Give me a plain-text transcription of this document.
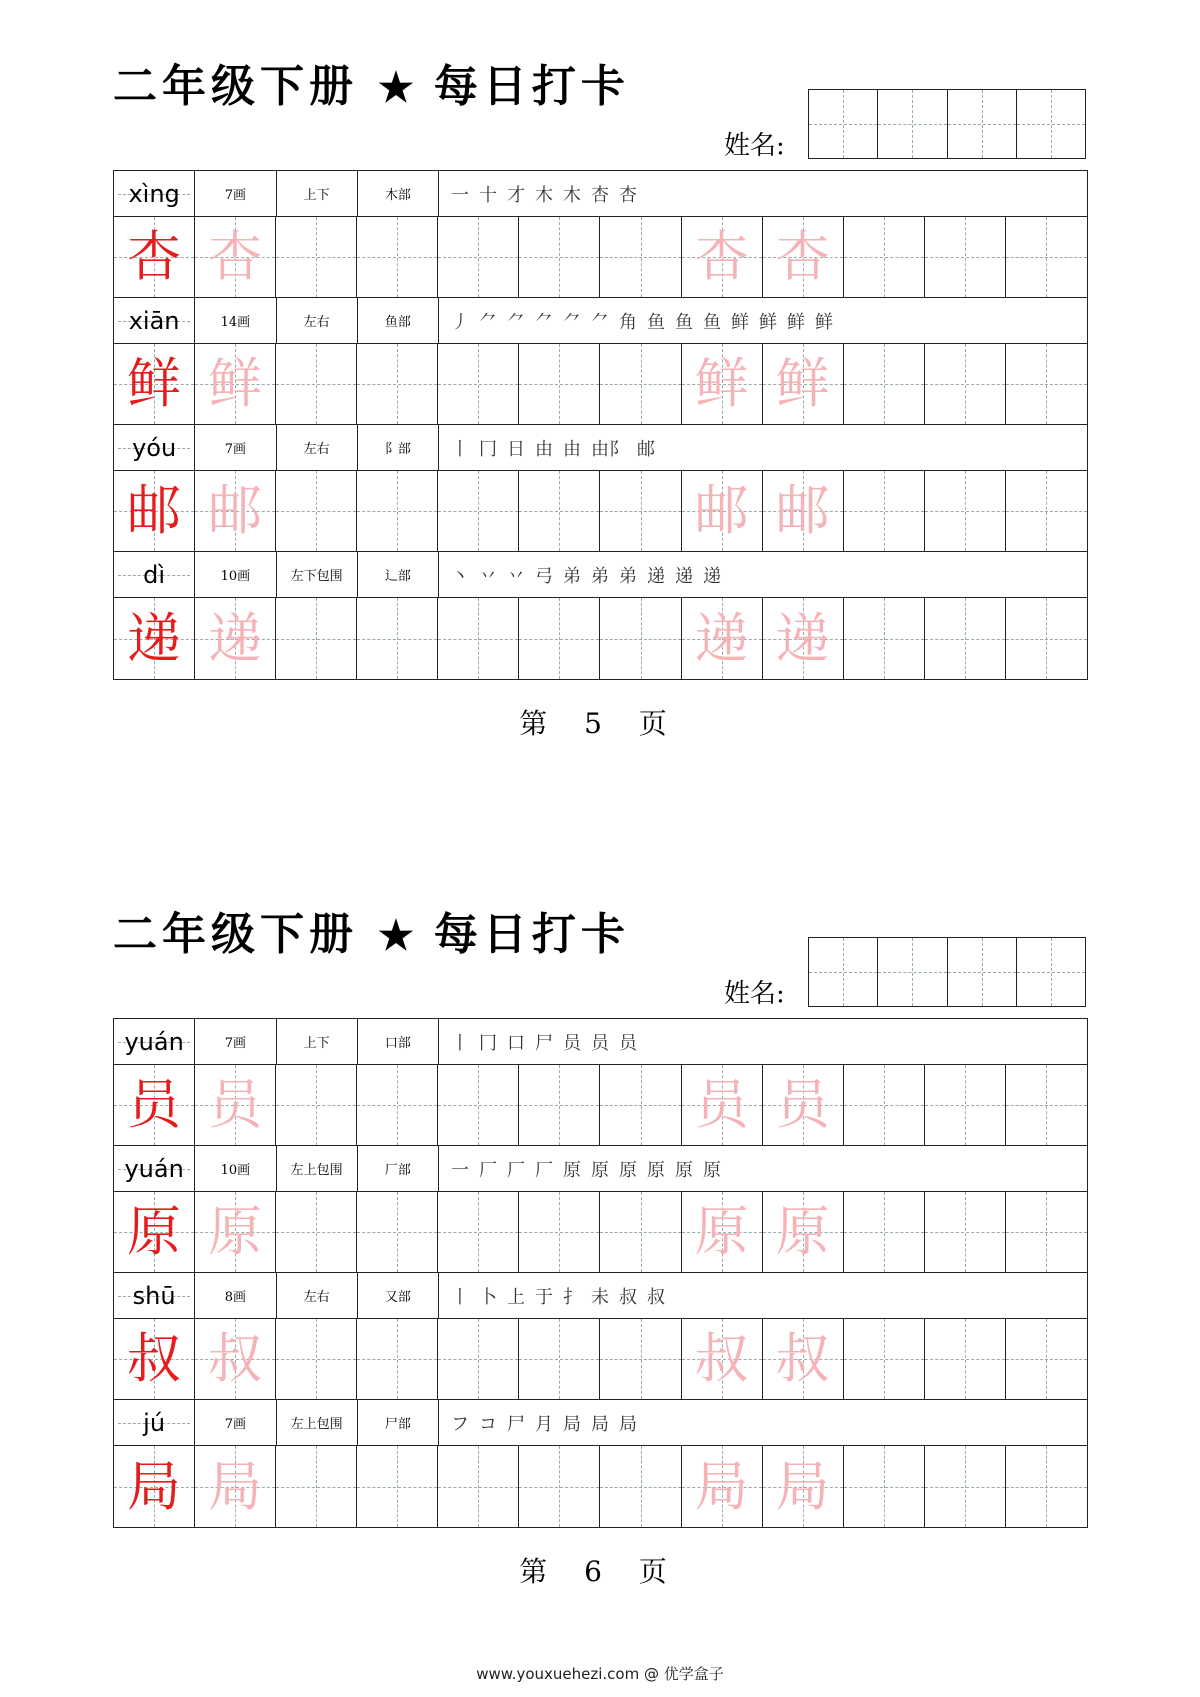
二年级下册 ★ 每日打卡
姓名:
xìng	7画	上下	木部	一 十 才 木 木 杏 杏
杏 杏	杏 杏
xiān	14画	左右	鱼部	丿 ⺈ ⺈ ⺈ ⺈ ⺈ 角 鱼 鱼 鱼 鲜 鲜 鲜 鲜
鲜 鲜	鲜 鲜
yóu	7画	左右	阝部	丨 冂 日 由 由 由阝 邮
邮 邮	邮 邮
dì	10画	左下包围	辶部	丶 丷 丷 弓 弟 弟 弟 递 递 递
递 递	递 递
第 5 页
二年级下册 ★ 每日打卡
姓名:
yuán	7画	上下	口部	丨 冂 口 尸 员 员 员
员 员	员 员
yuán	10画	左上包围	厂部	一 厂 厂 厂 原 原 原 原 原 原
原 原	原 原
shū	8画	左右	又部	丨 卜 上 于 扌 未 叔 叔
叔 叔	叔 叔
jú	7画	左上包围	尸部	フ コ 尸 月 局 局 局
局 局	局 局
第 6 页
www.youxuehezi.com @ 优学盒子
